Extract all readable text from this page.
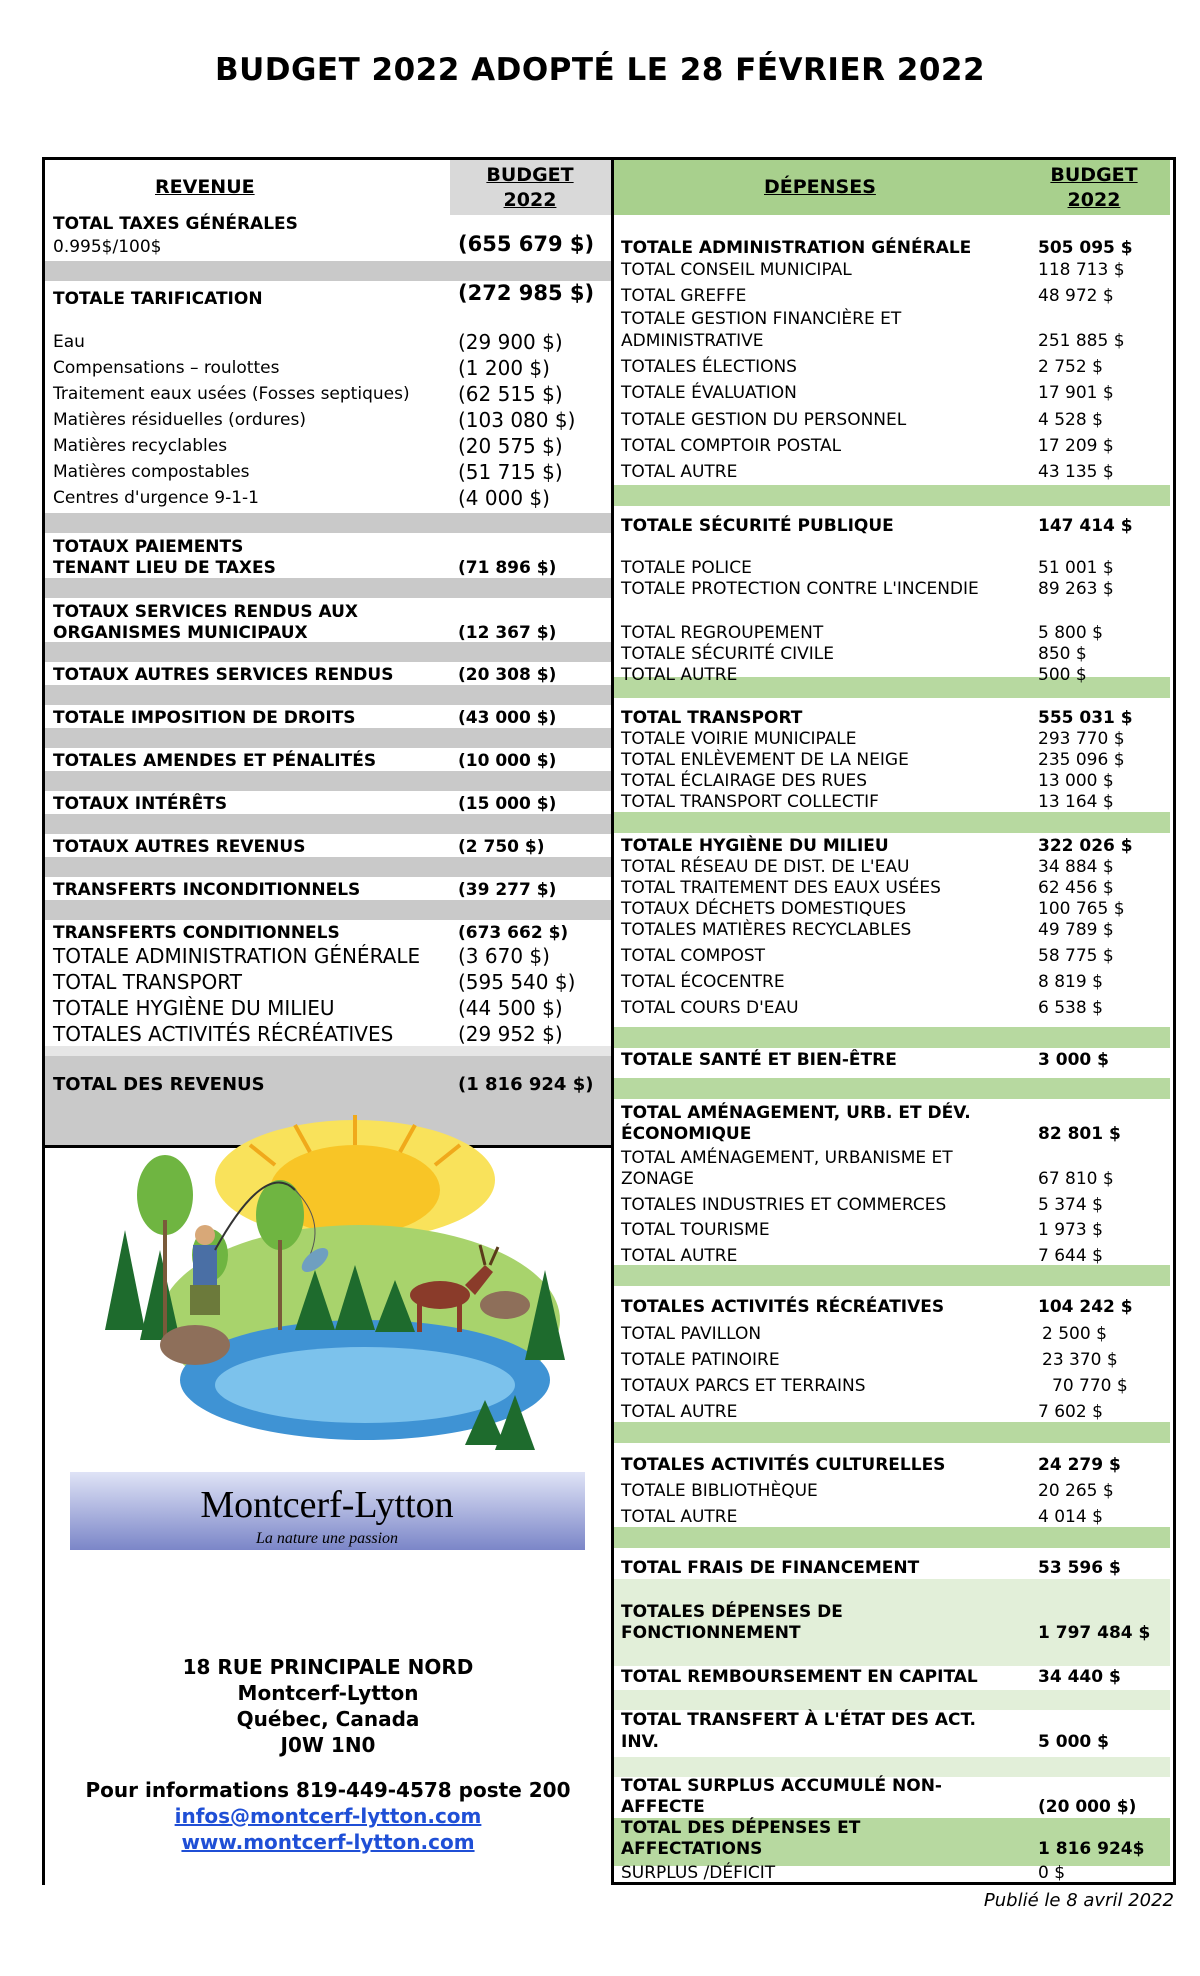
BUDGET 2022 ADOPTÉ LE 28 FÉVRIER 2022
REVENUE
BUDGET
2022
TOTAL TAXES GÉNÉRALES
0.995$/100$	(655 679 $)
TOTALE TARIFICATION	(272 985 $)
Eau	(29 900 $)
Compensations – roulottes	(1 200 $)
Traitement eaux usées (Fosses septiques) (62 515 $)
Matières résiduelles (ordures)	(103 080 $)
Matières recyclables	(20 575 $)
Matières compostables	(51 715 $)
Centres d'urgence 9-1-1	(4 000 $)
TOTAUX PAIEMENTS
TENANT LIEU DE TAXES	(71 896 $)
TOTAUX SERVICES RENDUS AUX
ORGANISMES MUNICIPAUX	(12 367 $)
TOTAUX AUTRES SERVICES RENDUS	(20 308 $)
TOTALE IMPOSITION DE DROITS	(43 000 $)
TOTALES AMENDES ET PÉNALITÉS	(10 000 $)
TOTAUX INTÉRÊTS	(15 000 $)
TOTAUX AUTRES REVENUS	(2 750 $)
TRANSFERTS INCONDITIONNELS	(39 277 $)
TRANSFERTS CONDITIONNELS	(673 662 $)
TOTALE ADMINISTRATION GÉNÉRALE (3 670 $)
TOTAL TRANSPORT	(595 540 $)
TOTALE HYGIÈNE DU MILIEU	(44 500 $)
TOTALES ACTIVITÉS RÉCRÉATIVES	(29 952 $)
TOTAL DES REVENUS	(1 816 924 $)
Montcerf-Lytton
La nature une passion
18 RUE PRINCIPALE NORD
Montcerf-Lytton
Québec, Canada
J0W 1N0
Pour informations 819-449-4578 poste 200
infos@montcerf-lytton.com
www.montcerf-lytton.com
DÉPENSES
BUDGET
2022
TOTALE ADMINISTRATION GÉNÉRALE	505 095 $
TOTAL CONSEIL MUNICIPAL	118 713 $
TOTAL GREFFE	48 972 $
TOTALE GESTION FINANCIÈRE ET
ADMINISTRATIVE	251 885 $
TOTALES ÉLECTIONS	2 752 $
TOTALE ÉVALUATION	17 901 $
TOTALE GESTION DU PERSONNEL	4 528 $
TOTAL COMPTOIR POSTAL	17 209 $
TOTAL AUTRE	43 135 $
TOTALE SÉCURITÉ PUBLIQUE	147 414 $
TOTALE POLICE	51 001 $
TOTALE PROTECTION CONTRE L'INCENDIE	89 263 $
TOTAL REGROUPEMENT	5 800 $
TOTALE SÉCURITÉ CIVILE	850 $
TOTAL AUTRE	500 $
TOTAL TRANSPORT	555 031 $
TOTALE VOIRIE MUNICIPALE	293 770 $
TOTAL ENLÈVEMENT DE LA NEIGE	235 096 $
TOTAL ÉCLAIRAGE DES RUES	13 000 $
TOTAL TRANSPORT COLLECTIF	13 164 $
TOTALE HYGIÈNE DU MILIEU	322 026 $
TOTAL RÉSEAU DE DIST. DE L'EAU	34 884 $
TOTAL TRAITEMENT DES EAUX USÉES	62 456 $
TOTAUX DÉCHETS DOMESTIQUES	100 765 $
TOTALES MATIÈRES RECYCLABLES	49 789 $
TOTAL COMPOST	58 775 $
TOTAL ÉCOCENTRE	8 819 $
TOTAL COURS D'EAU	6 538 $
TOTALE SANTÉ ET BIEN-ÊTRE	3 000 $
TOTAL AMÉNAGEMENT, URB. ET DÉV.
ÉCONOMIQUE	82 801 $
TOTAL AMÉNAGEMENT, URBANISME ET
ZONAGE	67 810 $
TOTALES INDUSTRIES ET COMMERCES	5 374 $
TOTAL TOURISME	1 973 $
TOTAL AUTRE	7 644 $
TOTALES ACTIVITÉS RÉCRÉATIVES	104 242 $
TOTAL PAVILLON	2 500 $
TOTALE PATINOIRE	23 370 $
TOTAUX PARCS ET TERRAINS	70 770 $
TOTAL AUTRE	7 602 $
TOTALES ACTIVITÉS CULTURELLES	24 279 $
TOTALE BIBLIOTHÈQUE	20 265 $
TOTAL AUTRE	4 014 $
TOTAL FRAIS DE FINANCEMENT	53 596 $
TOTALES DÉPENSES DE
FONCTIONNEMENT	1 797 484 $
TOTAL REMBOURSEMENT EN CAPITAL	34 440 $
TOTAL TRANSFERT À L'ÉTAT DES ACT.
INV.	5 000 $
TOTAL SURPLUS ACCUMULÉ NON-
AFFECTE	(20 000 $)
TOTAL DES DÉPENSES ET
AFFECTATIONS	1 816 924$
SURPLUS /DÉFICIT	0 $
Publié le 8 avril 2022
